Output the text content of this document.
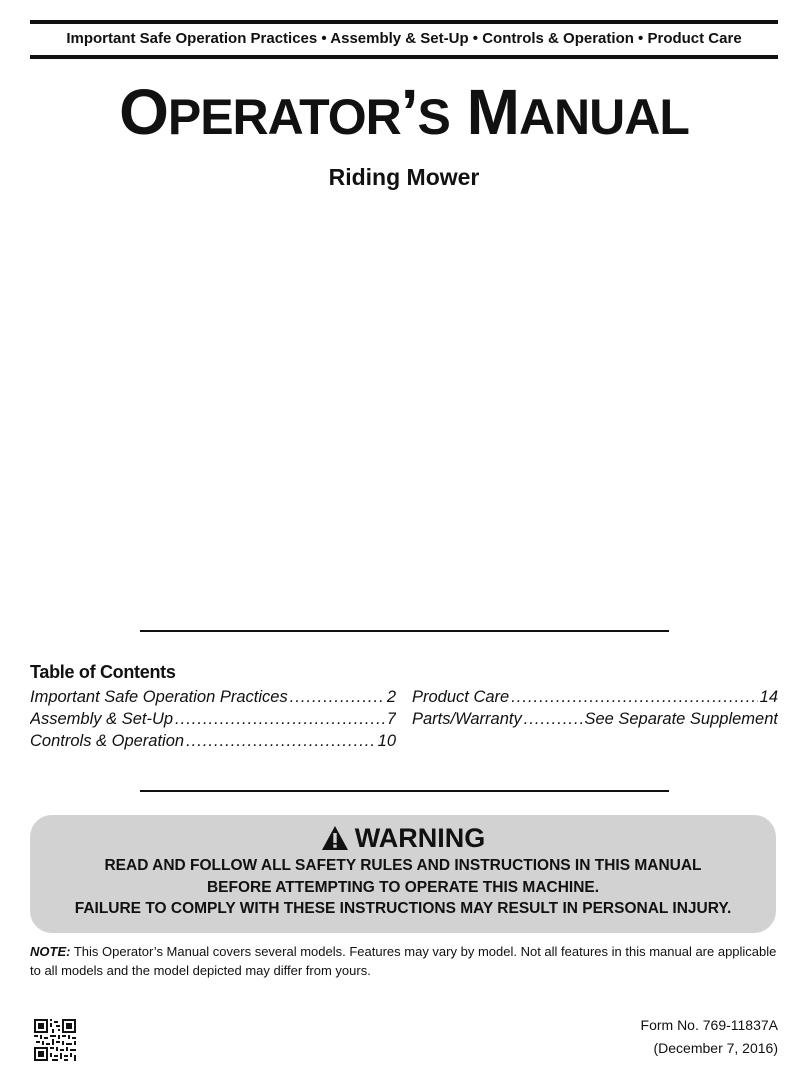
Important Safe Operation Practices • Assembly & Set-Up • Controls & Operation • Product Care
OPERATOR’S MANUAL
Riding Mower
Table of Contents
Important Safe Operation Practices .....	2
Assembly & Set-Up .....	7
Controls & Operation .....	10
Product Care .....	14
Parts/Warranty .....	See Separate Supplement
WARNING
READ AND FOLLOW ALL SAFETY RULES AND INSTRUCTIONS IN THIS MANUAL
BEFORE ATTEMPTING TO OPERATE THIS MACHINE.
FAILURE TO COMPLY WITH THESE INSTRUCTIONS MAY RESULT IN PERSONAL INJURY.
NOTE: This Operator’s Manual covers several models. Features may vary by model. Not all features in this manual are applicable to all models and the model depicted may differ from yours.
Form No. 769-11837A
(December 7, 2016)
